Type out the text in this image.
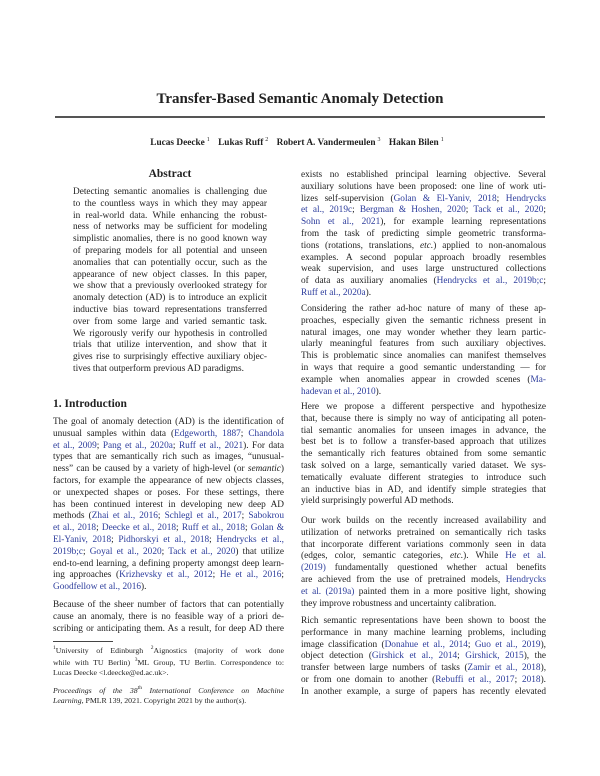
Transfer-Based Semantic Anomaly Detection
Lucas Deecke $^1$ Lukas Ruff $^2$ Robert A. Vandermeulen $^3$ Hakan Bilen $^1$
Abstract
Detecting semantic anomalies is challenging due
to the countless ways in which they may appear
in real-world data. While enhancing the robust-
ness of networks may be sufficient for modeling
simplistic anomalies, there is no good known way
of preparing models for all potential and unseen
anomalies that can potentially occur, such as the
appearance of new object classes. In this paper,
we show that a previously overlooked strategy for
anomaly detection (AD) is to introduce an explicit
inductive bias toward representations transferred
over from some large and varied semantic task.
We rigorously verify our hypothesis in controlled
trials that utilize intervention, and show that it
gives rise to surprisingly effective auxiliary objec-
tives that outperform previous AD paradigms.
1. Introduction
The goal of anomaly detection (AD) is the identification of
unusual samples within data (Edgeworth, 1887; Chandola
et al., 2009; Pang et al., 2020a; Ruff et al., 2021). For data
types that are semantically rich such as images, “unusual-
ness” can be caused by a variety of high-level (or semantic)
factors, for example the appearance of new objects classes,
or unexpected shapes or poses. For these settings, there
has been continued interest in developing new deep AD
methods (Zhai et al., 2016; Schlegl et al., 2017; Sabokrou
et al., 2018; Deecke et al., 2018; Ruff et al., 2018; Golan &
El-Yaniv, 2018; Pidhorskyi et al., 2018; Hendrycks et al.,
2019b;c; Goyal et al., 2020; Tack et al., 2020) that utilize
end-to-end learning, a defining property amongst deep learn-
ing approaches (Krizhevsky et al., 2012; He et al., 2016;
Goodfellow et al., 2016).
Because of the sheer number of factors that can potentially
cause an anomaly, there is no feasible way of a priori de-
scribing or anticipating them. As a result, for deep AD there
$^1$University of Edinburgh $^2$Aignostics (majority of work done
while with TU Berlin) $^3$ML Group, TU Berlin. Correspondence to:
Lucas Deecke <l.deecke@ed.ac.uk>.
Proceedings of the 38th International Conference on Machine
Learning, PMLR 139, 2021. Copyright 2021 by the author(s).
exists no established principal learning objective. Several
auxiliary solutions have been proposed: one line of work uti-
lizes self-supervision (Golan & El-Yaniv, 2018; Hendrycks
et al., 2019c; Bergman & Hoshen, 2020; Tack et al., 2020;
Sohn et al., 2021), for example learning representations
from the task of predicting simple geometric transforma-
tions (rotations, translations, etc.) applied to non-anomalous
examples. A second popular approach broadly resembles
weak supervision, and uses large unstructured collections
of data as auxiliary anomalies (Hendrycks et al., 2019b;c;
Ruff et al., 2020a).
Considering the rather ad-hoc nature of many of these ap-
proaches, especially given the semantic richness present in
natural images, one may wonder whether they learn partic-
ularly meaningful features from such auxiliary objectives.
This is problematic since anomalies can manifest themselves
in ways that require a good semantic understanding — for
example when anomalies appear in crowded scenes (Ma-
hadevan et al., 2010).
Here we propose a different perspective and hypothesize
that, because there is simply no way of anticipating all poten-
tial semantic anomalies for unseen images in advance, the
best bet is to follow a transfer-based approach that utilizes
the semantically rich features obtained from some semantic
task solved on a large, semantically varied dataset. We sys-
tematically evaluate different strategies to introduce such
an inductive bias in AD, and identify simple strategies that
yield surprisingly powerful AD methods.
Our work builds on the recently increased availability and
utilization of networks pretrained on semantically rich tasks
that incorporate different variations commonly seen in data
(edges, color, semantic categories, etc.). While He et al.
(2019) fundamentally questioned whether actual benefits
are achieved from the use of pretrained models, Hendrycks
et al. (2019a) painted them in a more positive light, showing
they improve robustness and uncertainty calibration.
Rich semantic representations have been shown to boost the
performance in many machine learning problems, including
image classification (Donahue et al., 2014; Guo et al., 2019),
object detection (Girshick et al., 2014; Girshick, 2015), the
transfer between large numbers of tasks (Zamir et al., 2018),
or from one domain to another (Rebuffi et al., 2017; 2018).
In another example, a surge of papers has recently elevated
